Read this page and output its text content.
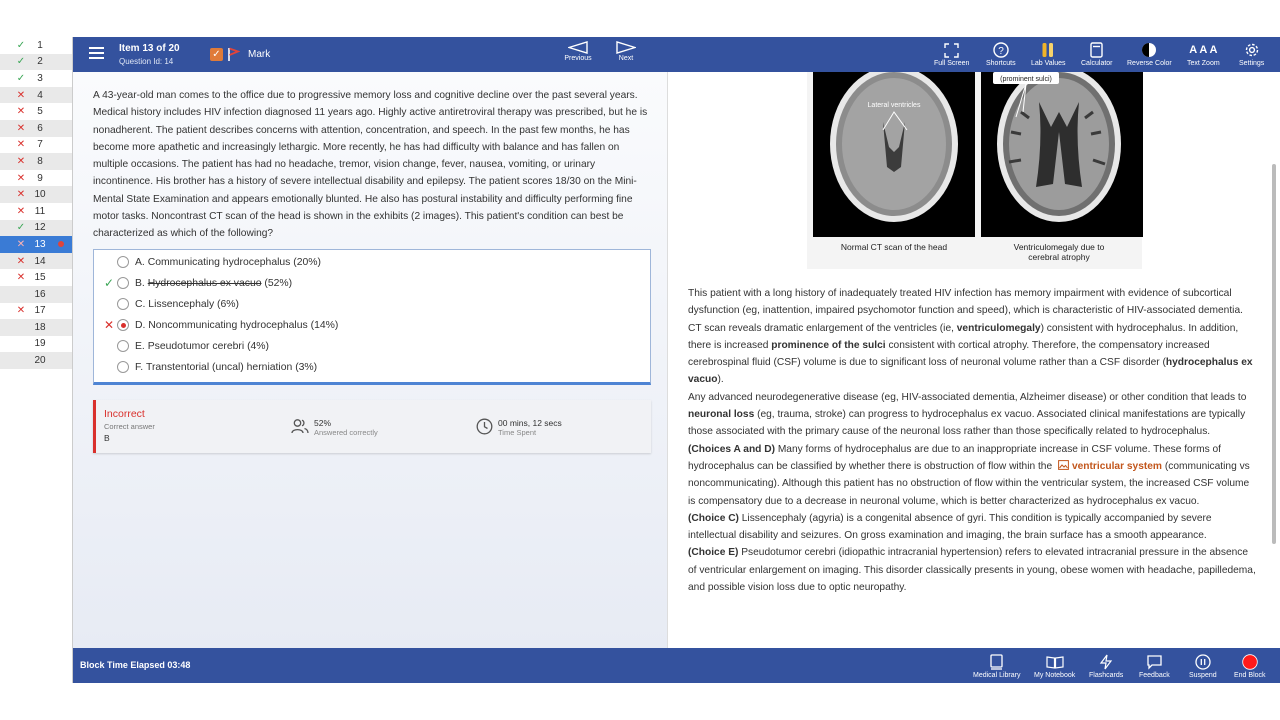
✓	1
✓	2
✓	3
✕	4
✕	5
✕	6
✕	7
✕	8
✕	9
✕ 10
✕ 11
✓ 12
✕ 13
✕ 14
✕ 15
16
✕ 17
18
19
20
Item 13 of 20
Question Id: 14
✓	Mark	Previous	Next
Full Screen
?
Shortcuts Lab Values Calculator Reverse Color
A A A
Text Zoom	Settings
A 43-year-old man comes to the office due to progressive memory loss and cognitive decline over the past several years. Medical history includes HIV infection diagnosed 11 years ago. Highly active antiretroviral therapy was prescribed, but he is nonadherent. The patient describes concerns with attention, concentration, and speech. In the past few months, he has become more apathetic and increasingly lethargic. More recently, he has had difficulty with balance and has fallen on multiple occasions. The patient has had no headache, tremor, vision change, fever, nausea, vomiting, or urinary incontinence. His brother has a history of severe intellectual disability and epilepsy. The patient scores 18/30 on the Mini-Mental State Examination and appears emotionally blunted. He also has postural instability and difficulty performing fine motor tasks. Noncontrast CT scan of the head is shown in the exhibits (2 images). This patient's condition can best be characterized as which of the following?
A.
Communicating hydrocephalus
(20%)
✓ B.
Hydrocephalus ex vacuo
(52%)
C.
Lissencephaly
(6%)
✕ D.
Noncommunicating hydrocephalus
(14%)
E.
Pseudotumor cerebri
(4%)
F.
Transtentorial (uncal) herniation
(3%)
Incorrect
Correct answer
B
52%
Answered correctly
00 mins, 12 secs
Time Spent
Lateral ventricles
(prominent sulci)
Normal CT scan of the head	Ventriculomegaly due to
cerebral atrophy

This patient with a long history of inadequately treated HIV infection has memory impairment with evidence of subcortical dysfunction (eg, inattention, impaired psychomotor function and speed), which is characteristic of HIV-associated dementia.

CT scan reveals dramatic enlargement of the ventricles (ie, ventriculomegaly) consistent with hydrocephalus. In addition, there is increased prominence of the sulci consistent with cortical atrophy. Therefore, the compensatory increased cerebrospinal fluid (CSF) volume is due to significant loss of neuronal volume rather than a CSF disorder (hydrocephalus ex vacuo).

Any advanced neurodegenerative disease (eg, HIV-associated dementia, Alzheimer disease) or other condition that leads to neuronal loss (eg, trauma, stroke) can progress to hydrocephalus ex vacuo. Associated clinical manifestations are typically those associated with the primary cause of the neuronal loss rather than those specifically related to hydrocephalus.

(Choices A and D) Many forms of hydrocephalus are due to an inappropriate increase in CSF volume. These forms of hydrocephalus can be classified by whether there is obstruction of flow within the ventricular system (communicating vs noncommunicating). Although this patient has no obstruction of flow within the ventricular system, the increased CSF volume is compensatory due to a decrease in neuronal volume, which is better characterized as hydrocephalus ex vacuo.

(Choice C) Lissencephaly (agyria) is a congenital absence of gyri. This condition is typically accompanied by severe intellectual disability and seizures. On gross examination and imaging, the brain surface has a smooth appearance.

(Choice E) Pseudotumor cerebri (idiopathic intracranial hypertension) refers to elevated intracranial pressure in the absence of ventricular enlargement on imaging. This disorder classically presents in young, obese women with headache, papilledema, and possible vision loss due to optic neuropathy.

Block Time Elapsed 03:48
Medical Library My Notebook Flashcards Feedback	Suspend End Block
